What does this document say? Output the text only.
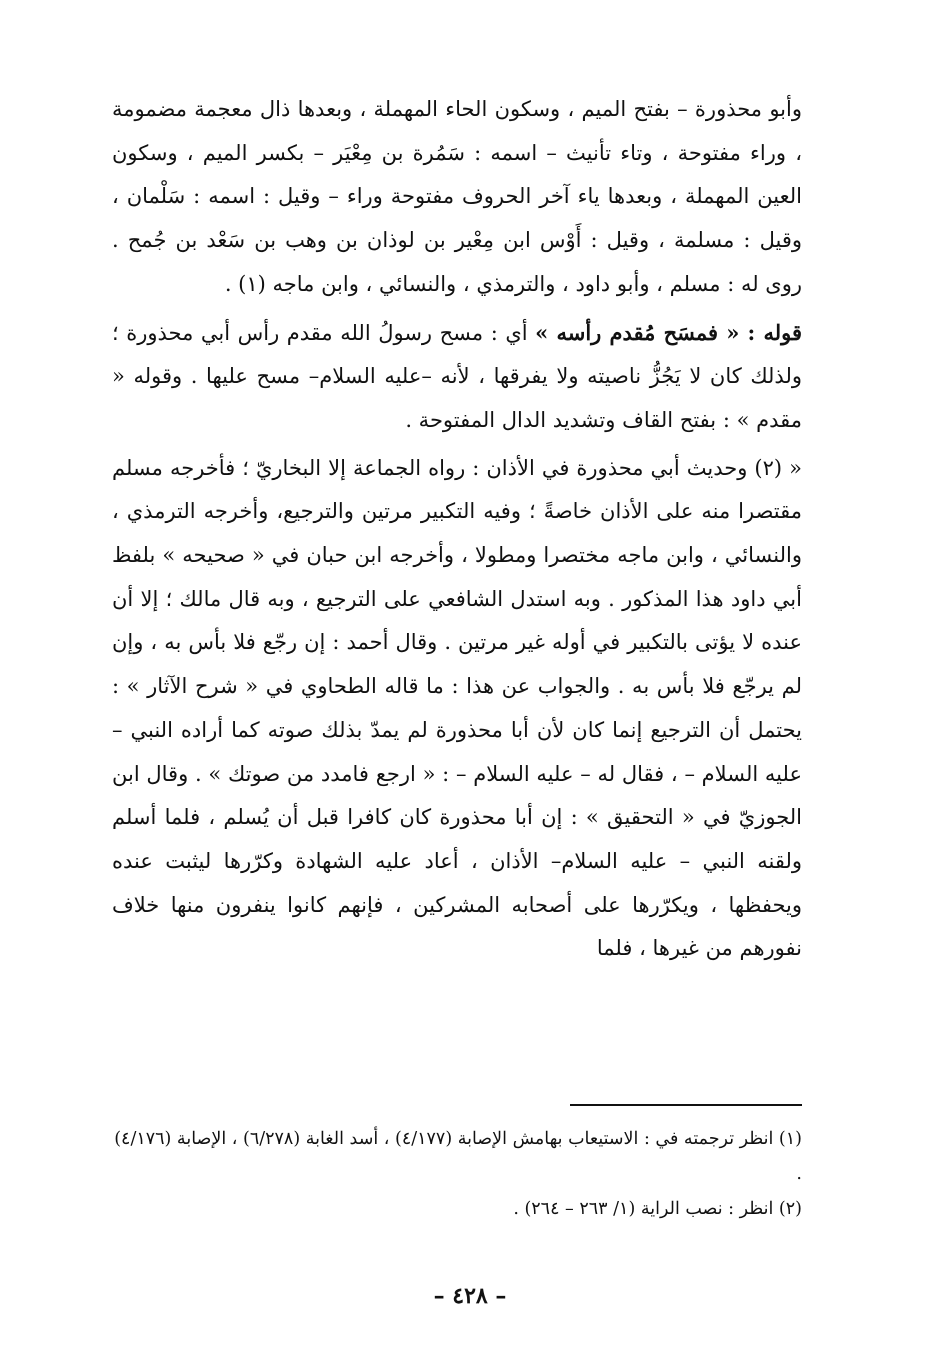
وأبو محذورة – بفتح الميم ، وسكون الحاء المهملة ، وبعدها ذال معجمة مضمومة ، وراء مفتوحة ، وتاء تأنيث – اسمه : سَمُرة بن مِعْيَر – بكسر الميم ، وسكون العين المهملة ، وبعدها ياء آخر الحروف مفتوحة وراء – وقيل : اسمه : سَلْمان ، وقيل : مسلمة ، وقيل : أَوْس ابن مِعْير بن لوذان بن وهب بن سَعْد بن جُمح . روى له : مسلم ، وأبو داود ، والترمذي ، والنسائي ، وابن ماجه (١) .

قوله : « فمسَح مُقدم رأسه » أي : مسح رسولُ الله مقدم رأس أبي محذورة ؛ ولذلك كان لا يَجُزُّ ناصيته ولا يفرقها ، لأنه –عليه السلام– مسح عليها . وقوله « مقدم » : بفتح القاف وتشديد الدال المفتوحة .

« (٢) وحديث أبي محذورة في الأذان : رواه الجماعة إلا البخاريّ ؛ فأخرجه مسلم مقتصرا منه على الأذان خاصةً ؛ وفيه التكبير مرتين والترجيع، وأخرجه الترمذي ، والنسائي ، وابن ماجه مختصرا ومطولا ، وأخرجه ابن حبان في « صحيحه » بلفظ أبي داود هذا المذكور . وبه استدل الشافعي على الترجيع ، وبه قال مالك ؛ إلا أن عنده لا يؤتى بالتكبير في أوله غير مرتين . وقال أحمد : إن رجّع فلا بأس به ، وإن لم يرجّع فلا بأس به . والجواب عن هذا : ما قاله الطحاوي في « شرح الآثار » : يحتمل أن الترجيع إنما كان لأن أبا محذورة لم يمدّ بذلك صوته كما أراده النبي – عليه السلام – ، فقال له – عليه السلام – : « ارجع فامدد من صوتك » . وقال ابن الجوزيّ في « التحقيق » : إن أبا محذورة كان كافرا قبل أن يُسلم ، فلما أسلم ولقنه النبي – عليه السلام– الأذان ، أعاد عليه الشهادة وكرّرها ليثبت عنده ويحفظها ، ويكرّرها على أصحابه المشركين ، فإنهم كانوا ينفرون منها خلاف نفورهم من غيرها ، فلما

(١) انظر ترجمته في : الاستيعاب بهامش الإصابة (٤/١٧٧) ، أسد الغابة (٦/٢٧٨) ، الإصابة (٤/١٧٦) .

(٢) انظر : نصب الراية (١/ ٢٦٣ – ٢٦٤) .

– ٤٢٨ –
